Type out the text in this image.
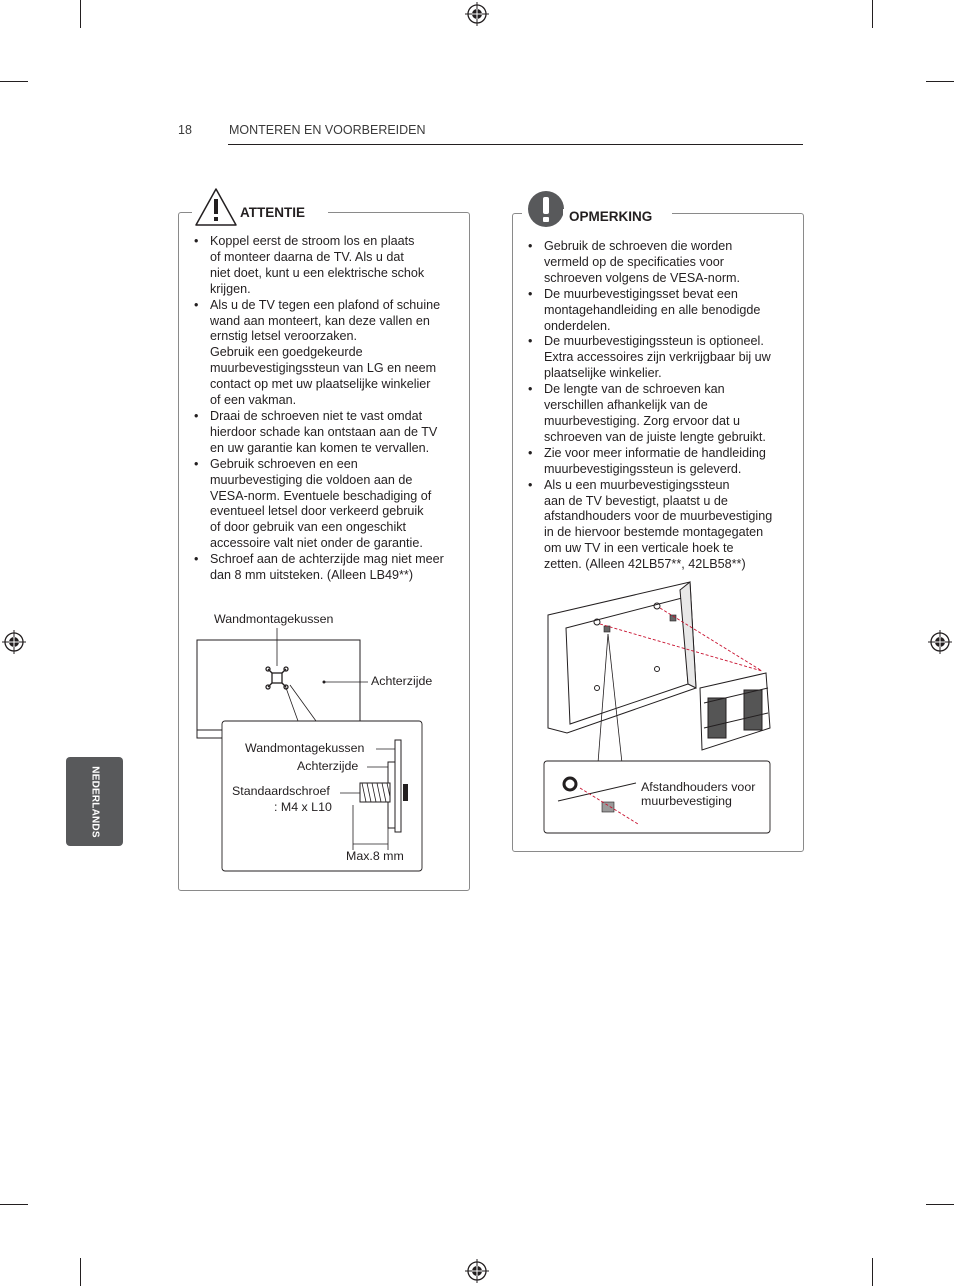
18	MONTEREN EN VOORBEREIDEN
NEDERLANDS
ATTENTIE
• Koppel eerst de stroom los en plaats
of monteer daarna de TV. Als u dat
niet doet, kunt u een elektrische schok
krijgen.
• Als u de TV tegen een plafond of schuine
wand aan monteert, kan deze vallen en
ernstig letsel veroorzaken.
Gebruik een goedgekeurde
muurbevestigingssteun van LG en neem
contact op met uw plaatselijke winkelier
of een vakman.
• Draai de schroeven niet te vast omdat
hierdoor schade kan ontstaan aan de TV
en uw garantie kan komen te vervallen.
• Gebruik schroeven en een
muurbevestiging die voldoen aan de
VESA-norm. Eventuele beschadiging of
eventueel letsel door verkeerd gebruik
of door gebruik van een ongeschikt
accessoire valt niet onder de garantie.
• Schroef aan de achterzijde mag niet meer
dan 8 mm uitsteken. (Alleen LB49**)
Wandmontagekussen
Achterzijde
Wandmontagekussen
Achterzijde
Standaardschroef
: M4 x L10
Max.8 mm
OPMERKING
• Gebruik de schroeven die worden
vermeld op de specificaties voor
schroeven volgens de VESA-norm.
• De muurbevestigingsset bevat een
montagehandleiding en alle benodigde
onderdelen.
• De muurbevestigingssteun is optioneel.
Extra accessoires zijn verkrijgbaar bij uw
plaatselijke winkelier.
• De lengte van de schroeven kan
verschillen afhankelijk van de
muurbevestiging. Zorg ervoor dat u
schroeven van de juiste lengte gebruikt.
• Zie voor meer informatie de handleiding
muurbevestigingssteun is geleverd.
• Als u een muurbevestigingssteun
aan de TV bevestigt, plaatst u de
afstandhouders voor de muurbevestiging
in de hiervoor bestemde montagegaten
om uw TV in een verticale hoek te
zetten. (Alleen 42LB57**, 42LB58**)
Afstandhouders voor
muurbevestiging
